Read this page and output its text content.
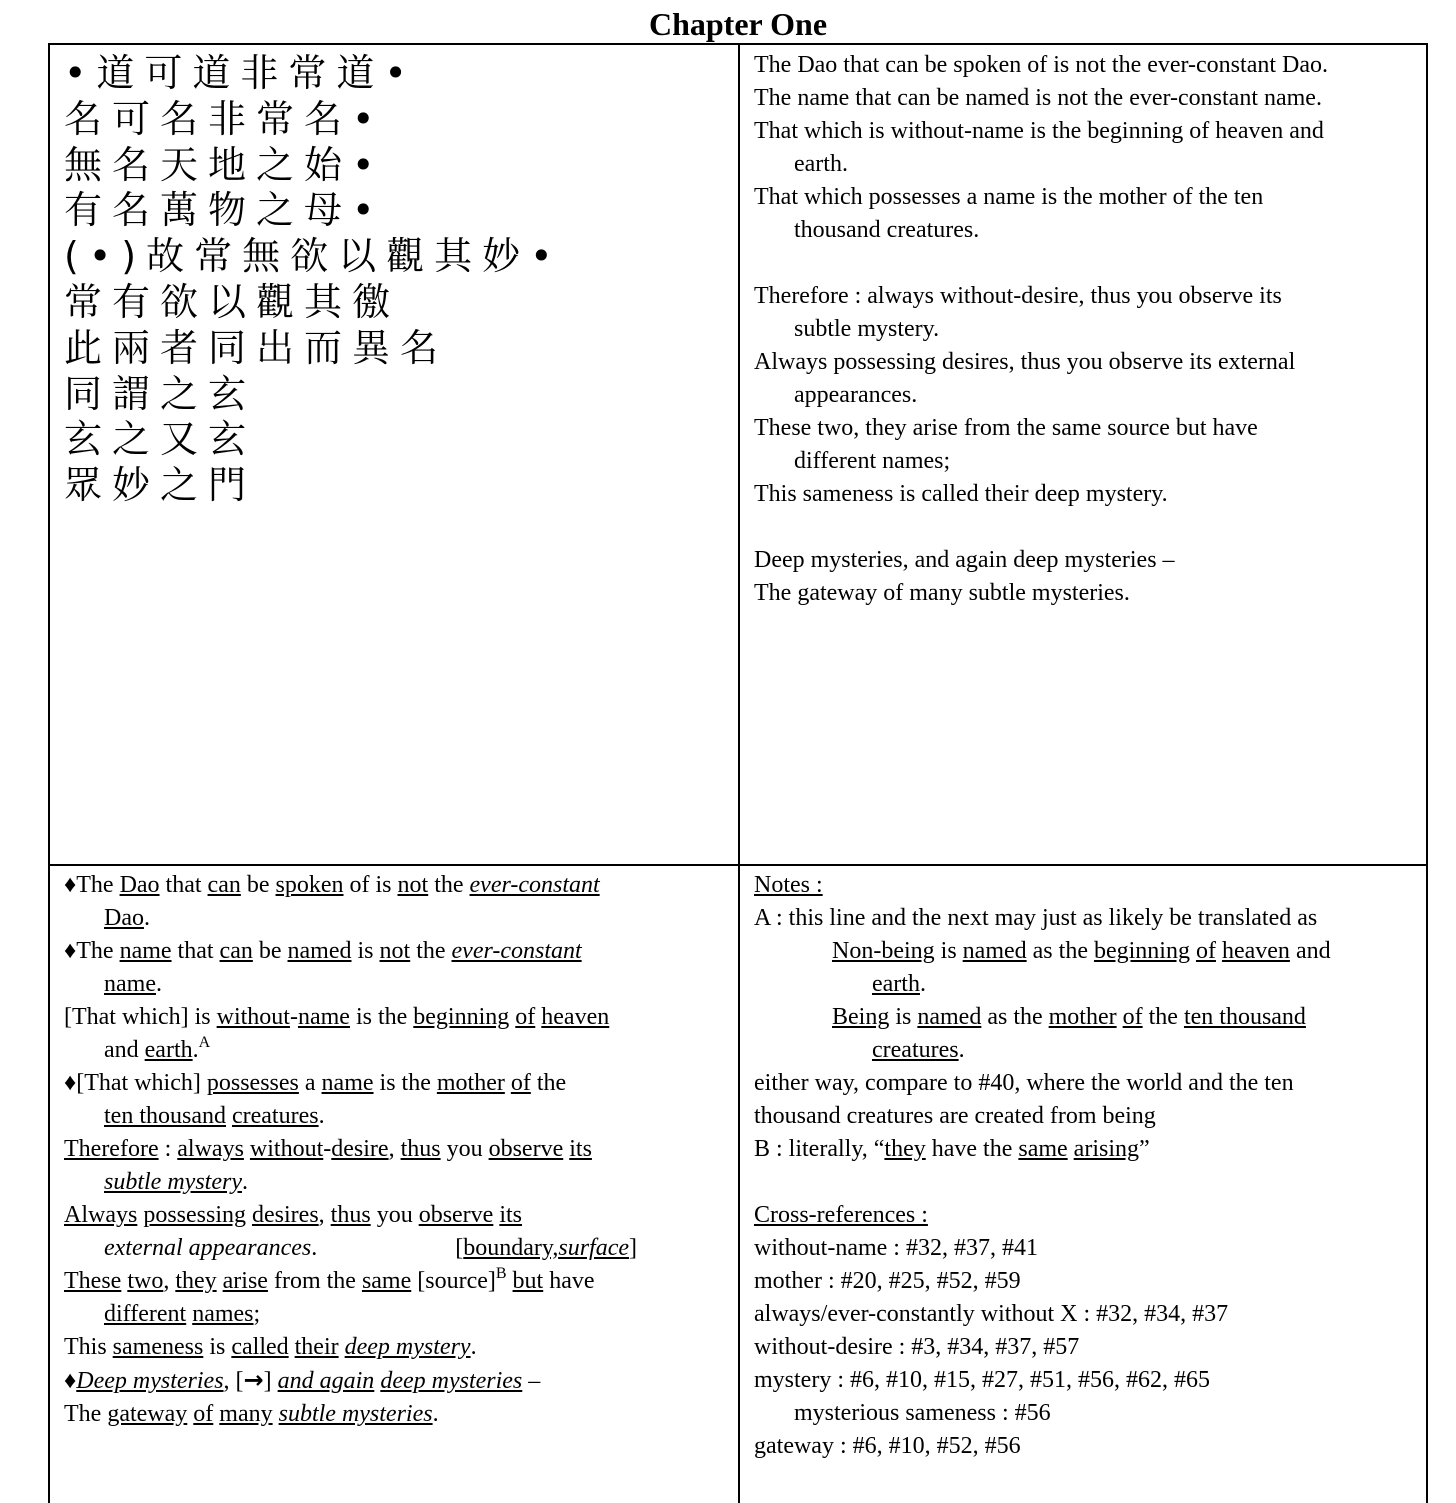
Chapter One
•道可道非常道•
名可名非常名•
無名天地之始•
有名萬物之母•
(•)故常無欲以觀其妙•
常有欲以觀其徼
此兩者同出而異名
同謂之玄
玄之又玄
眾妙之門
The Dao that can be spoken of is not the ever-constant Dao.
The name that can be named is not the ever-constant name.
That which is without-name is the beginning of heaven and
earth.
That which possesses a name is the mother of the ten
thousand creatures.
Therefore : always without-desire, thus you observe its
subtle mystery.
Always possessing desires, thus you observe its external
appearances.
These two, they arise from the same source but have
different names;
This sameness is called their deep mystery.
Deep mysteries, and again deep mysteries –
The gateway of many subtle mysteries.
♦The Dao that can be spoken of is not the ever-constant
Dao.
♦The name that can be named is not the ever-constant
name.
[That which] is without-name is the beginning of heaven
and earth.$^A$
♦[That which] possesses a name is the mother of the
ten thousand creatures.
Therefore : always without-desire, thus you observe its
subtle mystery.
Always possessing desires, thus you observe its
external appearances.	[boundary,surface]
These two, they arise from the same [source]$^B$ but have
different names;
This sameness is called their deep mystery.
♦Deep mysteries, [→] and again deep mysteries –
The gateway of many subtle mysteries.
Notes :
A : this line and the next may just as likely be translated as
Non-being is named as the beginning of heaven and
earth.
Being is named as the mother of the ten thousand
creatures.
either way, compare to #40, where the world and the ten
thousand creatures are created from being
B : literally, “they have the same arising”
Cross-references :
without-name : #32, #37, #41
mother : #20, #25, #52, #59
always/ever-constantly without X : #32, #34, #37
without-desire : #3, #34, #37, #57
mystery : #6, #10, #15, #27, #51, #56, #62, #65
mysterious sameness : #56
gateway : #6, #10, #52, #56
